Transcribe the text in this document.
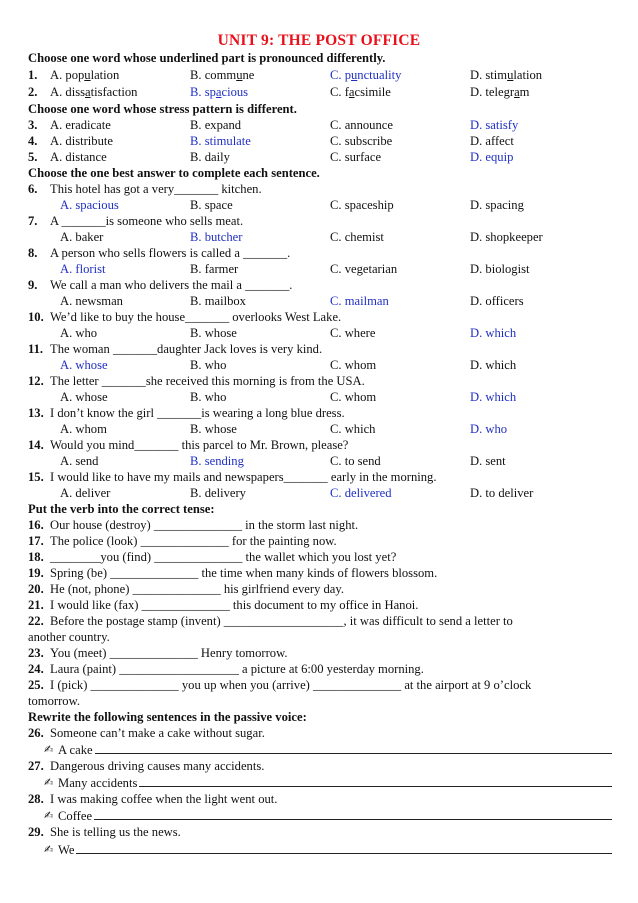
UNIT 9: THE POST OFFICE
Choose one word whose underlined part is pronounced differently.
1. A. population	B. commune	C. punctuality	D. stimulation
2. A. dissatisfaction	B. spacious	C. facsimile	D. telegram
Choose one word whose stress pattern is different.
3. A. eradicate	B. expand	C. announce	D. satisfy
4. A. distribute	B. stimulate	C. subscribe	D. affect
5. A. distance	B. daily	C. surface	D. equip
Choose the one best answer to complete each sentence.
6. This hotel has got a very_______ kitchen.
A. spacious	B. space	C. spaceship	D. spacing
7. A _______is someone who sells meat.
A. baker	B. butcher	C. chemist	D. shopkeeper
8. A person who sells flowers is called a _______.
A. florist	B. farmer	C. vegetarian	D. biologist
9. We call a man who delivers the mail a _______.
A. newsman	B. mailbox	C. mailman	D. officers
10. We’d like to buy the house_______ overlooks West Lake.
A. who	B. whose	C. where	D. which
11. The woman _______daughter Jack loves is very kind.
A. whose	B. who	C. whom	D. which
12. The letter _______she received this morning is from the USA.
A. whose	B. who	C. whom	D. which
13. I don’t know the girl _______is wearing a long blue dress.
A. whom	B. whose	C. which	D. who
14. Would you mind_______ this parcel to Mr. Brown, please?
A. send	B. sending	C. to send	D. sent
15. I would like to have my mails and newspapers_______ early in the morning.
A. deliver	B. delivery	C. delivered	D. to deliver
Put the verb into the correct tense:
16. Our house (destroy) ______________ in the storm last night.
17. The police (look) ______________ for the painting now.
18. ________you (find) ______________ the wallet which you lost yet?
19. Spring (be) ______________ the time when many kinds of flowers blossom.
20. He (not, phone) ______________ his girlfriend every day.
21. I would like (fax) ______________ this document to my office in Hanoi.
22. Before the postage stamp (invent) ___________________, it was difficult to send a letter to
another country.
23. You (meet) ______________ Henry tomorrow.
24. Laura (paint) ___________________ a picture at 6:00 yesterday morning.
25. I (pick) ______________ you up when you (arrive) ______________ at the airport at 9 o’clock
tomorrow.
Rewrite the following sentences in the passive voice:
26. Someone can’t make a cake without sugar.
✍ A cake
27. Dangerous driving causes many accidents.
✍ Many accidents
28. I was making coffee when the light went out.
✍ Coffee
29. She is telling us the news.
✍ We
